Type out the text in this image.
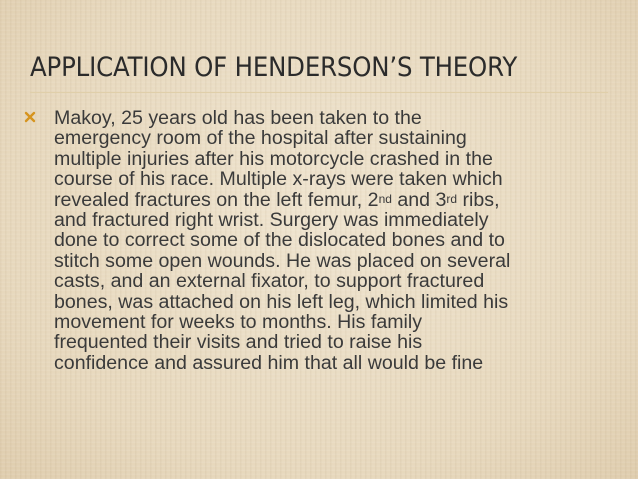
APPLICATION OF HENDERSON’S THEORY
Makoy, 25 years old has been taken to the
emergency room of the hospital after sustaining
multiple injuries after his motorcycle crashed in the
course of his race. Multiple x-rays were taken which
revealed fractures on the left femur, 2nd and 3rd ribs,
and fractured right wrist. Surgery was immediately
done to correct some of the dislocated bones and to
stitch some open wounds. He was placed on several
casts, and an external fixator, to support fractured
bones, was attached on his left leg, which limited his
movement for weeks to months. His family
frequented their visits and tried to raise his
confidence and assured him that all would be fine
